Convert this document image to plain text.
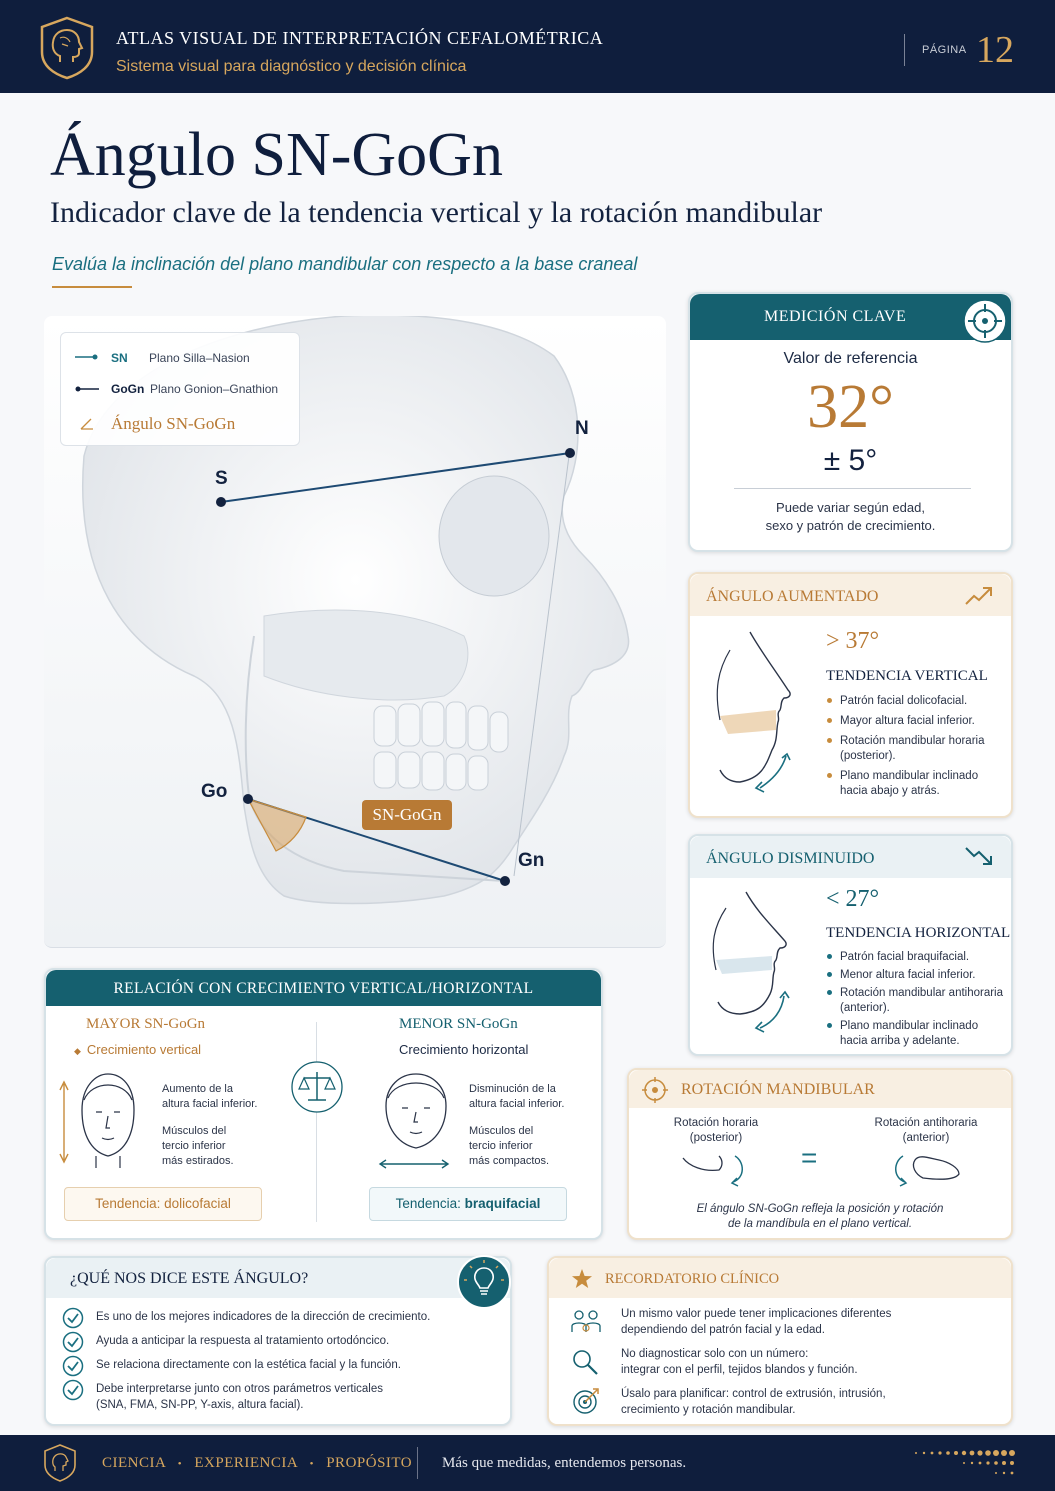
ATLAS VISUAL DE INTERPRETACIÓN CEFALOMÉTRICA
Sistema visual para diagnóstico y decisión clínica
PÁGINA 12
Ángulo SN-GoGn
Indicador clave de la tendencia vertical y la rotación mandibular
Evalúa la inclinación del plano mandibular con respecto a la base craneal
SN Plano Silla–Nasion
GoGn Plano Gonion–Gnathion
Ángulo SN-GoGn
S
N
Go
Gn
SN-GoGn
MEDICIÓN CLAVE
Valor de referencia
32°
± 5°
Puede variar según edad,
sexo y patrón de crecimiento.
ÁNGULO AUMENTADO
> 37°
TENDENCIA VERTICAL
Patrón facial dolicofacial.
Mayor altura facial inferior.
Rotación mandibular horaria (posterior).
Plano mandibular inclinado hacia abajo y atrás.
ÁNGULO DISMINUIDO
< 27°
TENDENCIA HORIZONTAL
Patrón facial braquifacial.
Menor altura facial inferior.
Rotación mandibular antihoraria (anterior).
Plano mandibular inclinado hacia arriba y adelante.
RELACIÓN CON CRECIMIENTO VERTICAL/HORIZONTAL
MAYOR SN-GoGn
◆ Crecimiento vertical
Aumento de la
altura facial inferior.
Músculos del
tercio inferior
más estirados.
Tendencia: dolicofacial
MENOR SN-GoGn
Crecimiento horizontal
Disminución de la
altura facial inferior.
Músculos del
tercio inferior
más compactos.
Tendencia: braquifacial
ROTACIÓN MANDIBULAR
Rotación horaria
(posterior)
=
Rotación antihoraria
(anterior)
El ángulo SN-GoGn refleja la posición y rotación
de la mandíbula en el plano vertical.
¿QUÉ NOS DICE ESTE ÁNGULO?
Es uno de los mejores indicadores de la dirección de crecimiento.
Ayuda a anticipar la respuesta al tratamiento ortodóncico.
Se relaciona directamente con la estética facial y la función.
Debe interpretarse junto con otros parámetros verticales
(SNA, FMA, SN-PP, Y-axis, altura facial).
RECORDATORIO CLÍNICO
Un mismo valor puede tener implicaciones diferentes
dependiendo del patrón facial y la edad.
No diagnosticar solo con un número:
integrar con el perfil, tejidos blandos y función.
Úsalo para planificar: control de extrusión, intrusión,
crecimiento y rotación mandibular.
CIENCIA • EXPERIENCIA • PROPÓSITO Más que medidas, entendemos personas.
